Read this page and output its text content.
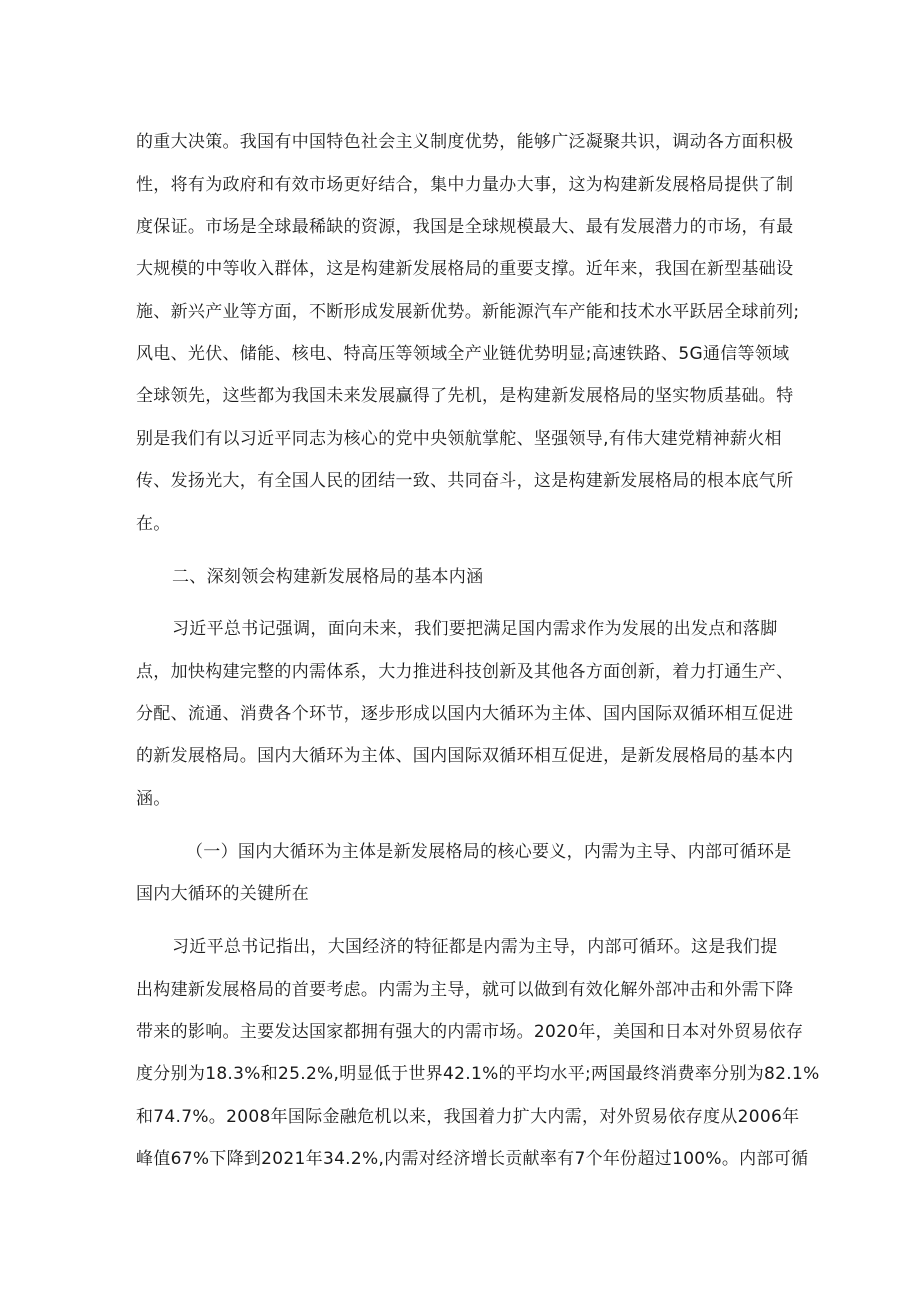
的重大决策。我国有中国特色社会主义制度优势，能够广泛凝聚共识，调动各方面积极

性，将有为政府和有效市场更好结合，集中力量办大事，这为构建新发展格局提供了制

度保证。市场是全球最稀缺的资源，我国是全球规模最大、最有发展潜力的市场，有最

大规模的中等收入群体，这是构建新发展格局的重要支撑。近年来，我国在新型基础设

施、新兴产业等方面，不断形成发展新优势。新能源汽车产能和技术水平跃居全球前列;

风电、光伏、储能、核电、特高压等领域全产业链优势明显;高速铁路、5G通信等领域

全球领先，这些都为我国未来发展赢得了先机，是构建新发展格局的坚实物质基础。特

别是我们有以习近平同志为核心的党中央领航掌舵、坚强领导,有伟大建党精神薪火相

传、发扬光大，有全国人民的团结一致、共同奋斗，这是构建新发展格局的根本底气所

在。

二、深刻领会构建新发展格局的基本内涵

习近平总书记强调，面向未来，我们要把满足国内需求作为发展的出发点和落脚

点，加快构建完整的内需体系，大力推进科技创新及其他各方面创新，着力打通生产、

分配、流通、消费各个环节，逐步形成以国内大循环为主体、国内国际双循环相互促进

的新发展格局。国内大循环为主体、国内国际双循环相互促进，是新发展格局的基本内

涵。

（一）国内大循环为主体是新发展格局的核心要义，内需为主导、内部可循环是

国内大循环的关键所在

习近平总书记指出，大国经济的特征都是内需为主导，内部可循环。这是我们提

出构建新发展格局的首要考虑。内需为主导，就可以做到有效化解外部冲击和外需下降

带来的影响。主要发达国家都拥有强大的内需市场。2020年，美国和日本对外贸易依存

度分别为18.3%和25.2%,明显低于世界42.1%的平均水平;两国最终消费率分别为82.1%

和74.7%。2008年国际金融危机以来，我国着力扩大内需，对外贸易依存度从2006年

峰值67%下降到2021年34.2%,内需对经济增长贡献率有7个年份超过100%。内部可循
